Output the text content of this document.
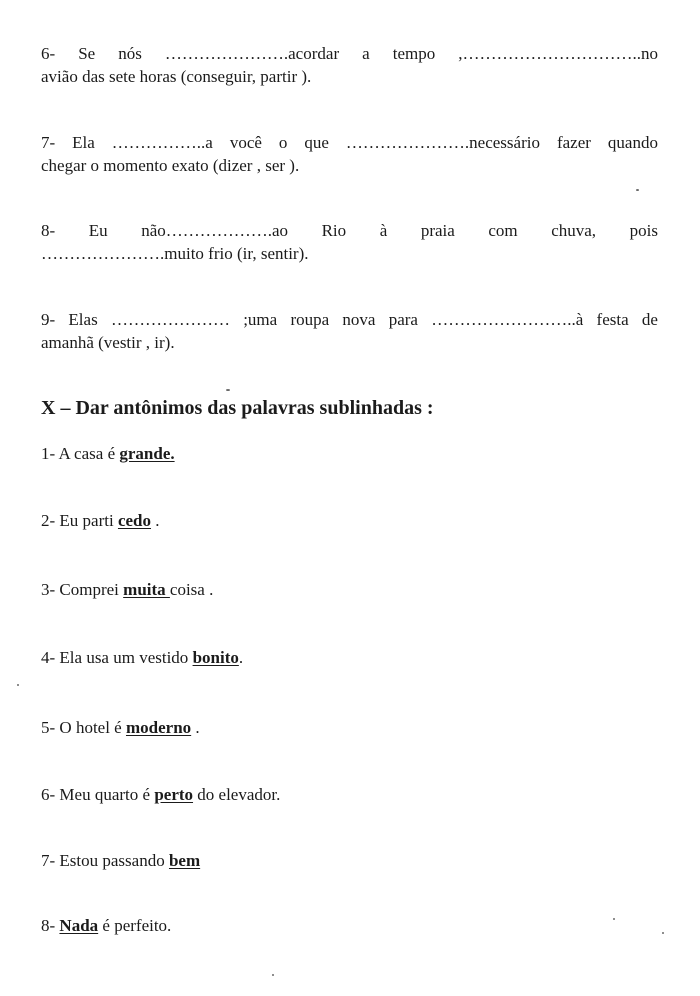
6- Se nós ………………….acordar a tempo ,…………………………..no
avião das sete horas (conseguir, partir ).
7- Ela ……………..a você o que ………………….necessário fazer quando
chegar o momento exato (dizer , ser ).
8- Eu não……………….ao Rio à praia com chuva, pois
………………….muito frio (ir, sentir).
9- Elas ………………… ;uma roupa nova para ……………………..à festa de
amanhã (vestir , ir).
X – Dar antônimos das palavras sublinhadas :
1- A casa é grande.
2- Eu parti cedo .
3- Comprei muita coisa .
4- Ela usa um vestido bonito.
5- O hotel é moderno .
6- Meu quarto é perto do elevador.
7- Estou passando bem
8- Nada é perfeito.
